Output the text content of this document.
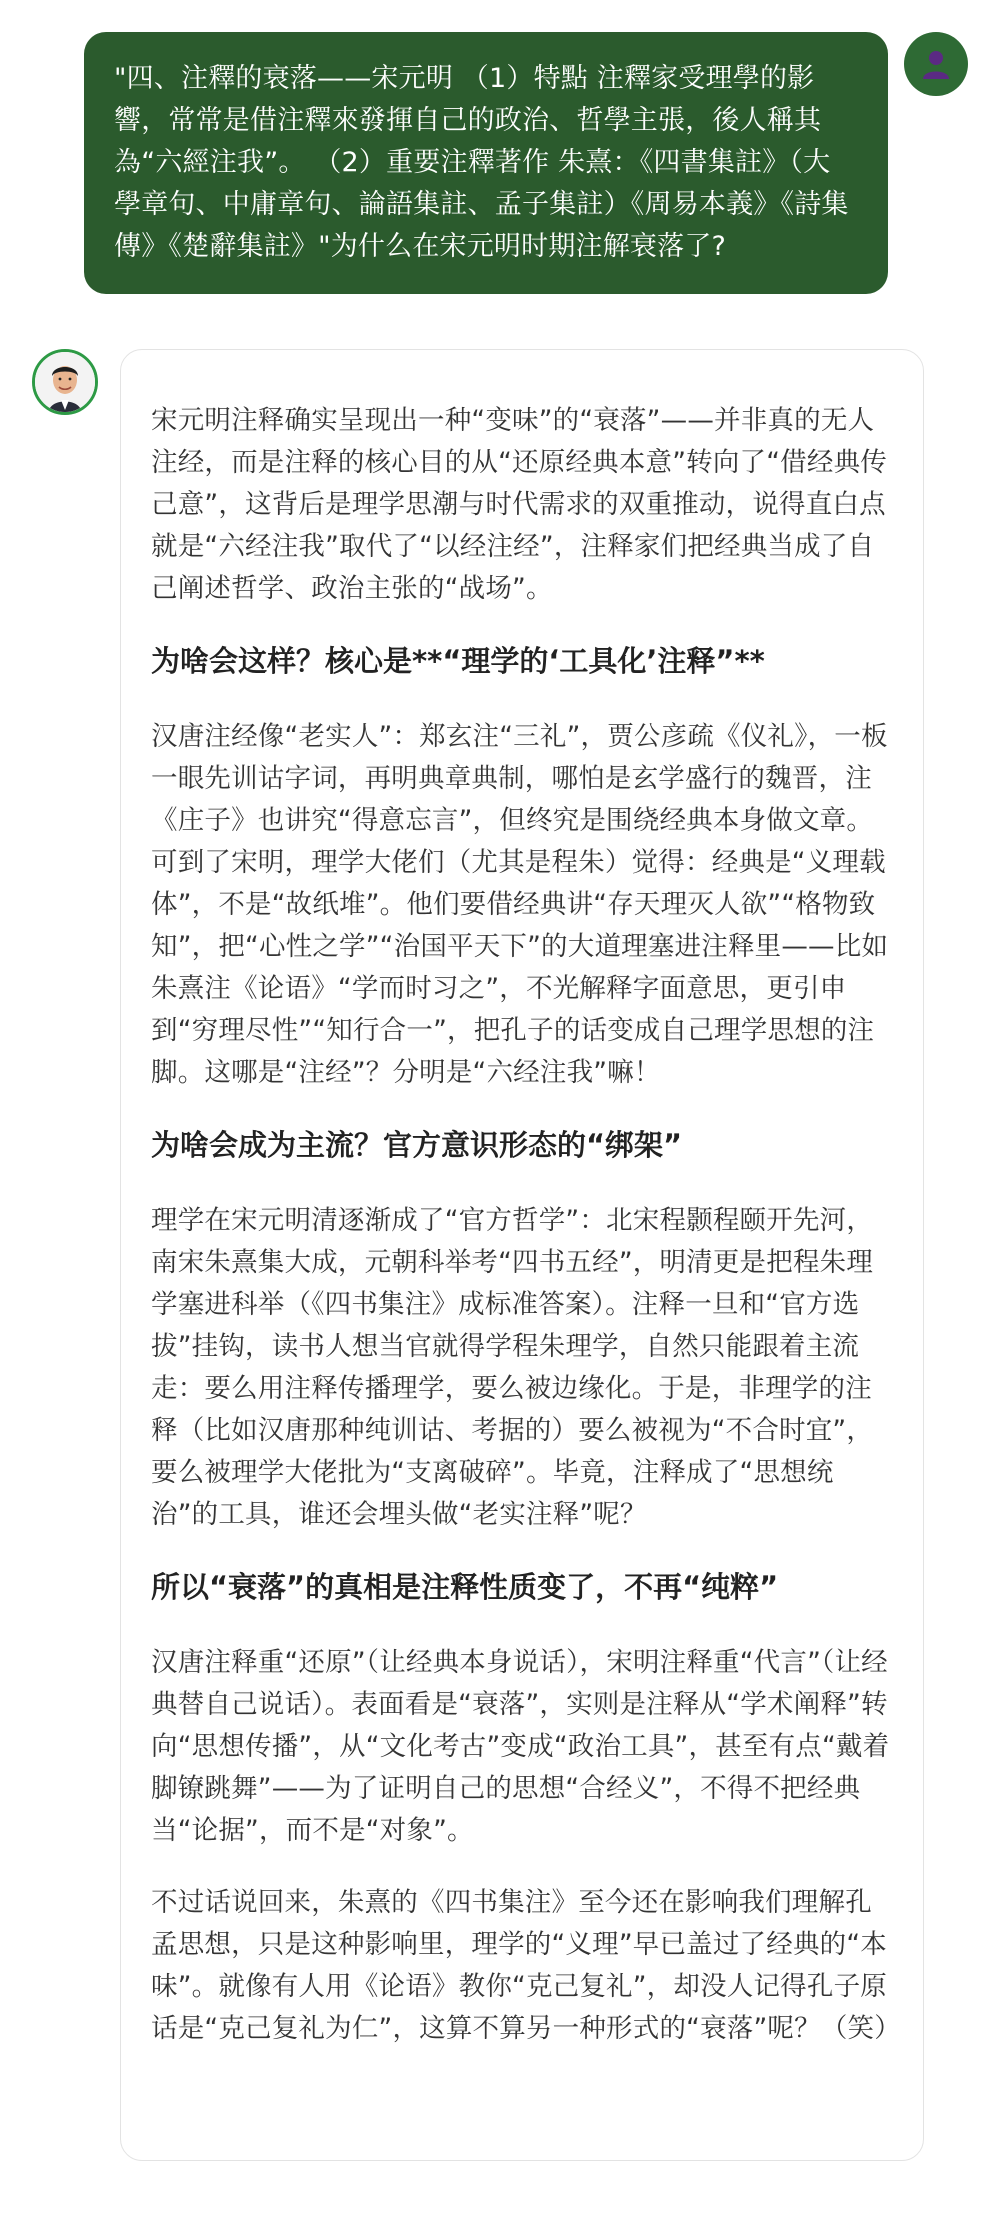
"四、注釋的衰落——宋元明 （1）特點 注釋家受理學的影響，常常是借注釋來發揮自己的政治、哲學主張，後人稱其為“六經注我”。 （2）重要注釋著作 朱熹：《四書集註》（大學章句、中庸章句、論語集註、孟子集註）《周易本義》《詩集傳》《楚辭集註》"为什么在宋元明时期注解衰落了?

宋元明注释确实呈现出一种“变味”的“衰落”——并非真的无人注经，而是注释的核心目的从“还原经典本意”转向了“借经典传己意”，这背后是理学思潮与时代需求的双重推动，说得直白点就是“六经注我”取代了“以经注经”，注释家们把经典当成了自己阐述哲学、政治主张的“战场”。

为啥会这样？核心是**“理学的‘工具化’注释”**

汉唐注经像“老实人”：郑玄注“三礼”，贾公彦疏《仪礼》，一板一眼先训诂字词，再明典章典制，哪怕是玄学盛行的魏晋，注《庄子》也讲究“得意忘言”，但终究是围绕经典本身做文章。可到了宋明，理学大佬们（尤其是程朱）觉得：经典是“义理载体”，不是“故纸堆”。他们要借经典讲“存天理灭人欲”“格物致知”，把“心性之学”“治国平天下”的大道理塞进注释里——比如朱熹注《论语》“学而时习之”，不光解释字面意思，更引申到“穷理尽性”“知行合一”，把孔子的话变成自己理学思想的注脚。这哪是“注经”？分明是“六经注我”嘛！

为啥会成为主流？官方意识形态的“绑架”

理学在宋元明清逐渐成了“官方哲学”：北宋程颢程颐开先河，南宋朱熹集大成，元朝科举考“四书五经”，明清更是把程朱理学塞进科举（《四书集注》成标准答案）。注释一旦和“官方选拔”挂钩，读书人想当官就得学程朱理学，自然只能跟着主流走：要么用注释传播理学，要么被边缘化。于是，非理学的注释（比如汉唐那种纯训诂、考据的）要么被视为“不合时宜”，要么被理学大佬批为“支离破碎”。毕竟，注释成了“思想统治”的工具，谁还会埋头做“老实注释”呢？

所以“衰落”的真相是注释性质变了，不再“纯粹”

汉唐注释重“还原”（让经典本身说话），宋明注释重“代言”（让经典替自己说话）。表面看是“衰落”，实则是注释从“学术阐释”转向“思想传播”，从“文化考古”变成“政治工具”，甚至有点“戴着脚镣跳舞”——为了证明自己的思想“合经义”，不得不把经典当“论据”，而不是“对象”。

不过话说回来，朱熹的《四书集注》至今还在影响我们理解孔孟思想，只是这种影响里，理学的“义理”早已盖过了经典的“本味”。就像有人用《论语》教你“克己复礼”，却没人记得孔子原话是“克己复礼为仁”，这算不算另一种形式的“衰落”呢？（笑）
